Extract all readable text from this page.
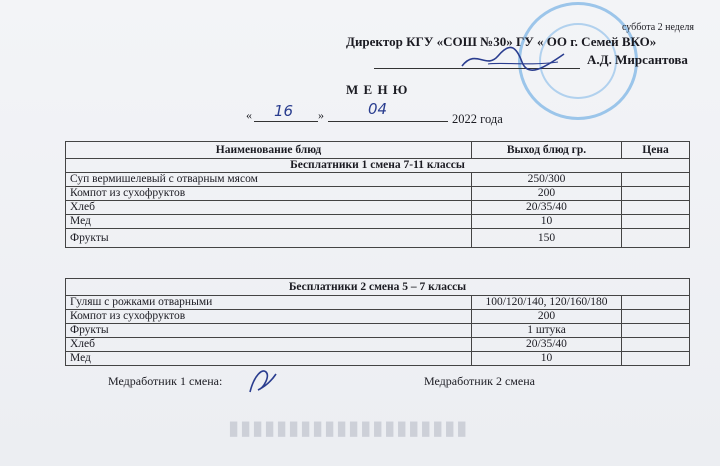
▮▮▮▮▮▮▮▮▮▮▮▮▮▮▮▮▮▮▮▮
суббота 2 неделя
Директор КГУ «СОШ №30» ГУ « ОО г. Семей ВКО»
А.Д. Мирсантова
М Е Н Ю
« 16 »	04
2022 года
Наименование блюд	Выход блюд гр.	Цена
Бесплатники 1 смена 7-11 классы		
Суп вермишелевый с отварным мясом	250/300	
Компот из сухофруктов	200	
Хлеб	20/35/40	
Мед	10	
Фрукты	150	
Бесплатники 2 смена 5 – 7 классы		
Гуляш с рожками отварными	100/120/140, 120/160/180	
Компот из сухофруктов	200	
Фрукты	1 штука	
Хлеб	20/35/40	
Мед	10	
Медработник 1 смена:	Медработник 2 смена
